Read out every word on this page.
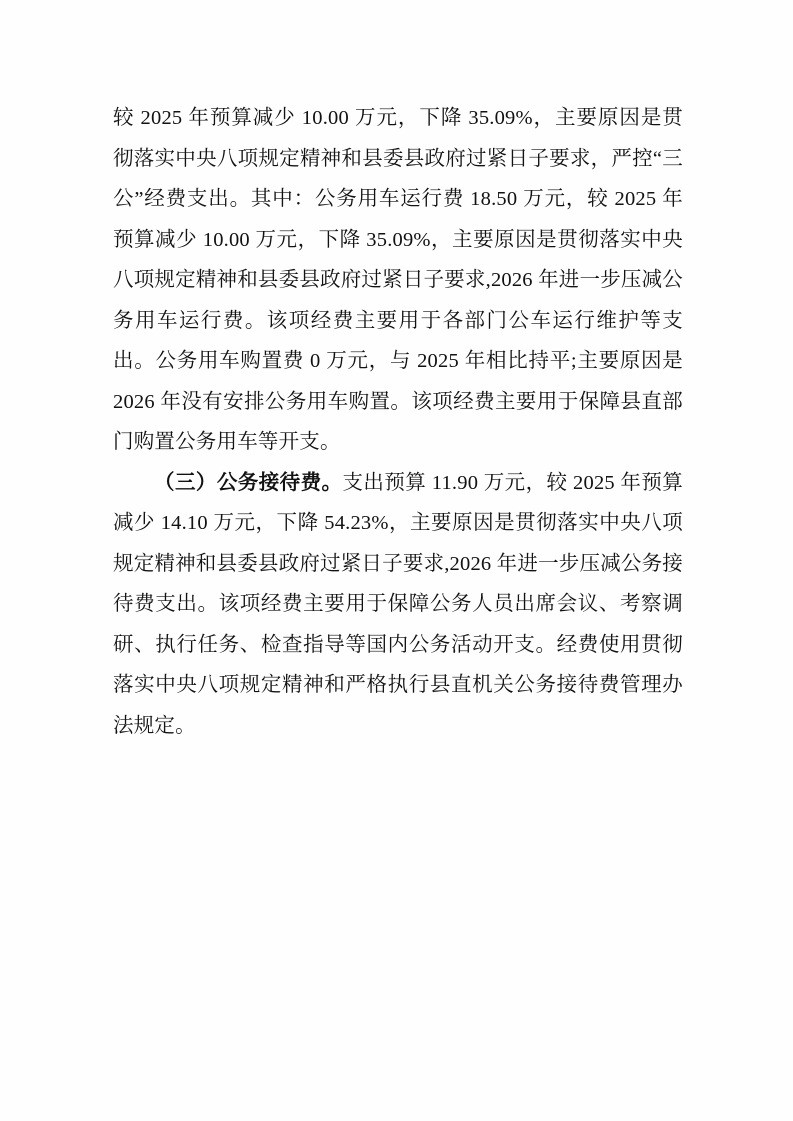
较 2025 年预算减少 10.00 万元，下降 35.09%，主要原因是贯彻落实中央八项规定精神和县委县政府过紧日子要求，严控“三公”经费支出。其中：公务用车运行费 18.50 万元，较 2025 年预算减少 10.00 万元，下降 35.09%，主要原因是贯彻落实中央八项规定精神和县委县政府过紧日子要求,2026 年进一步压减公务用车运行费。该项经费主要用于各部门公车运行维护等支出。公务用车购置费 0 万元，与 2025 年相比持平;主要原因是 2026 年没有安排公务用车购置。该项经费主要用于保障县直部门购置公务用车等开支。

（三）公务接待费。支出预算 11.90 万元，较 2025 年预算减少 14.10 万元，下降 54.23%，主要原因是贯彻落实中央八项规定精神和县委县政府过紧日子要求,2026 年进一步压减公务接待费支出。该项经费主要用于保障公务人员出席会议、考察调研、执行任务、检查指导等国内公务活动开支。经费使用贯彻落实中央八项规定精神和严格执行县直机关公务接待费管理办法规定。
